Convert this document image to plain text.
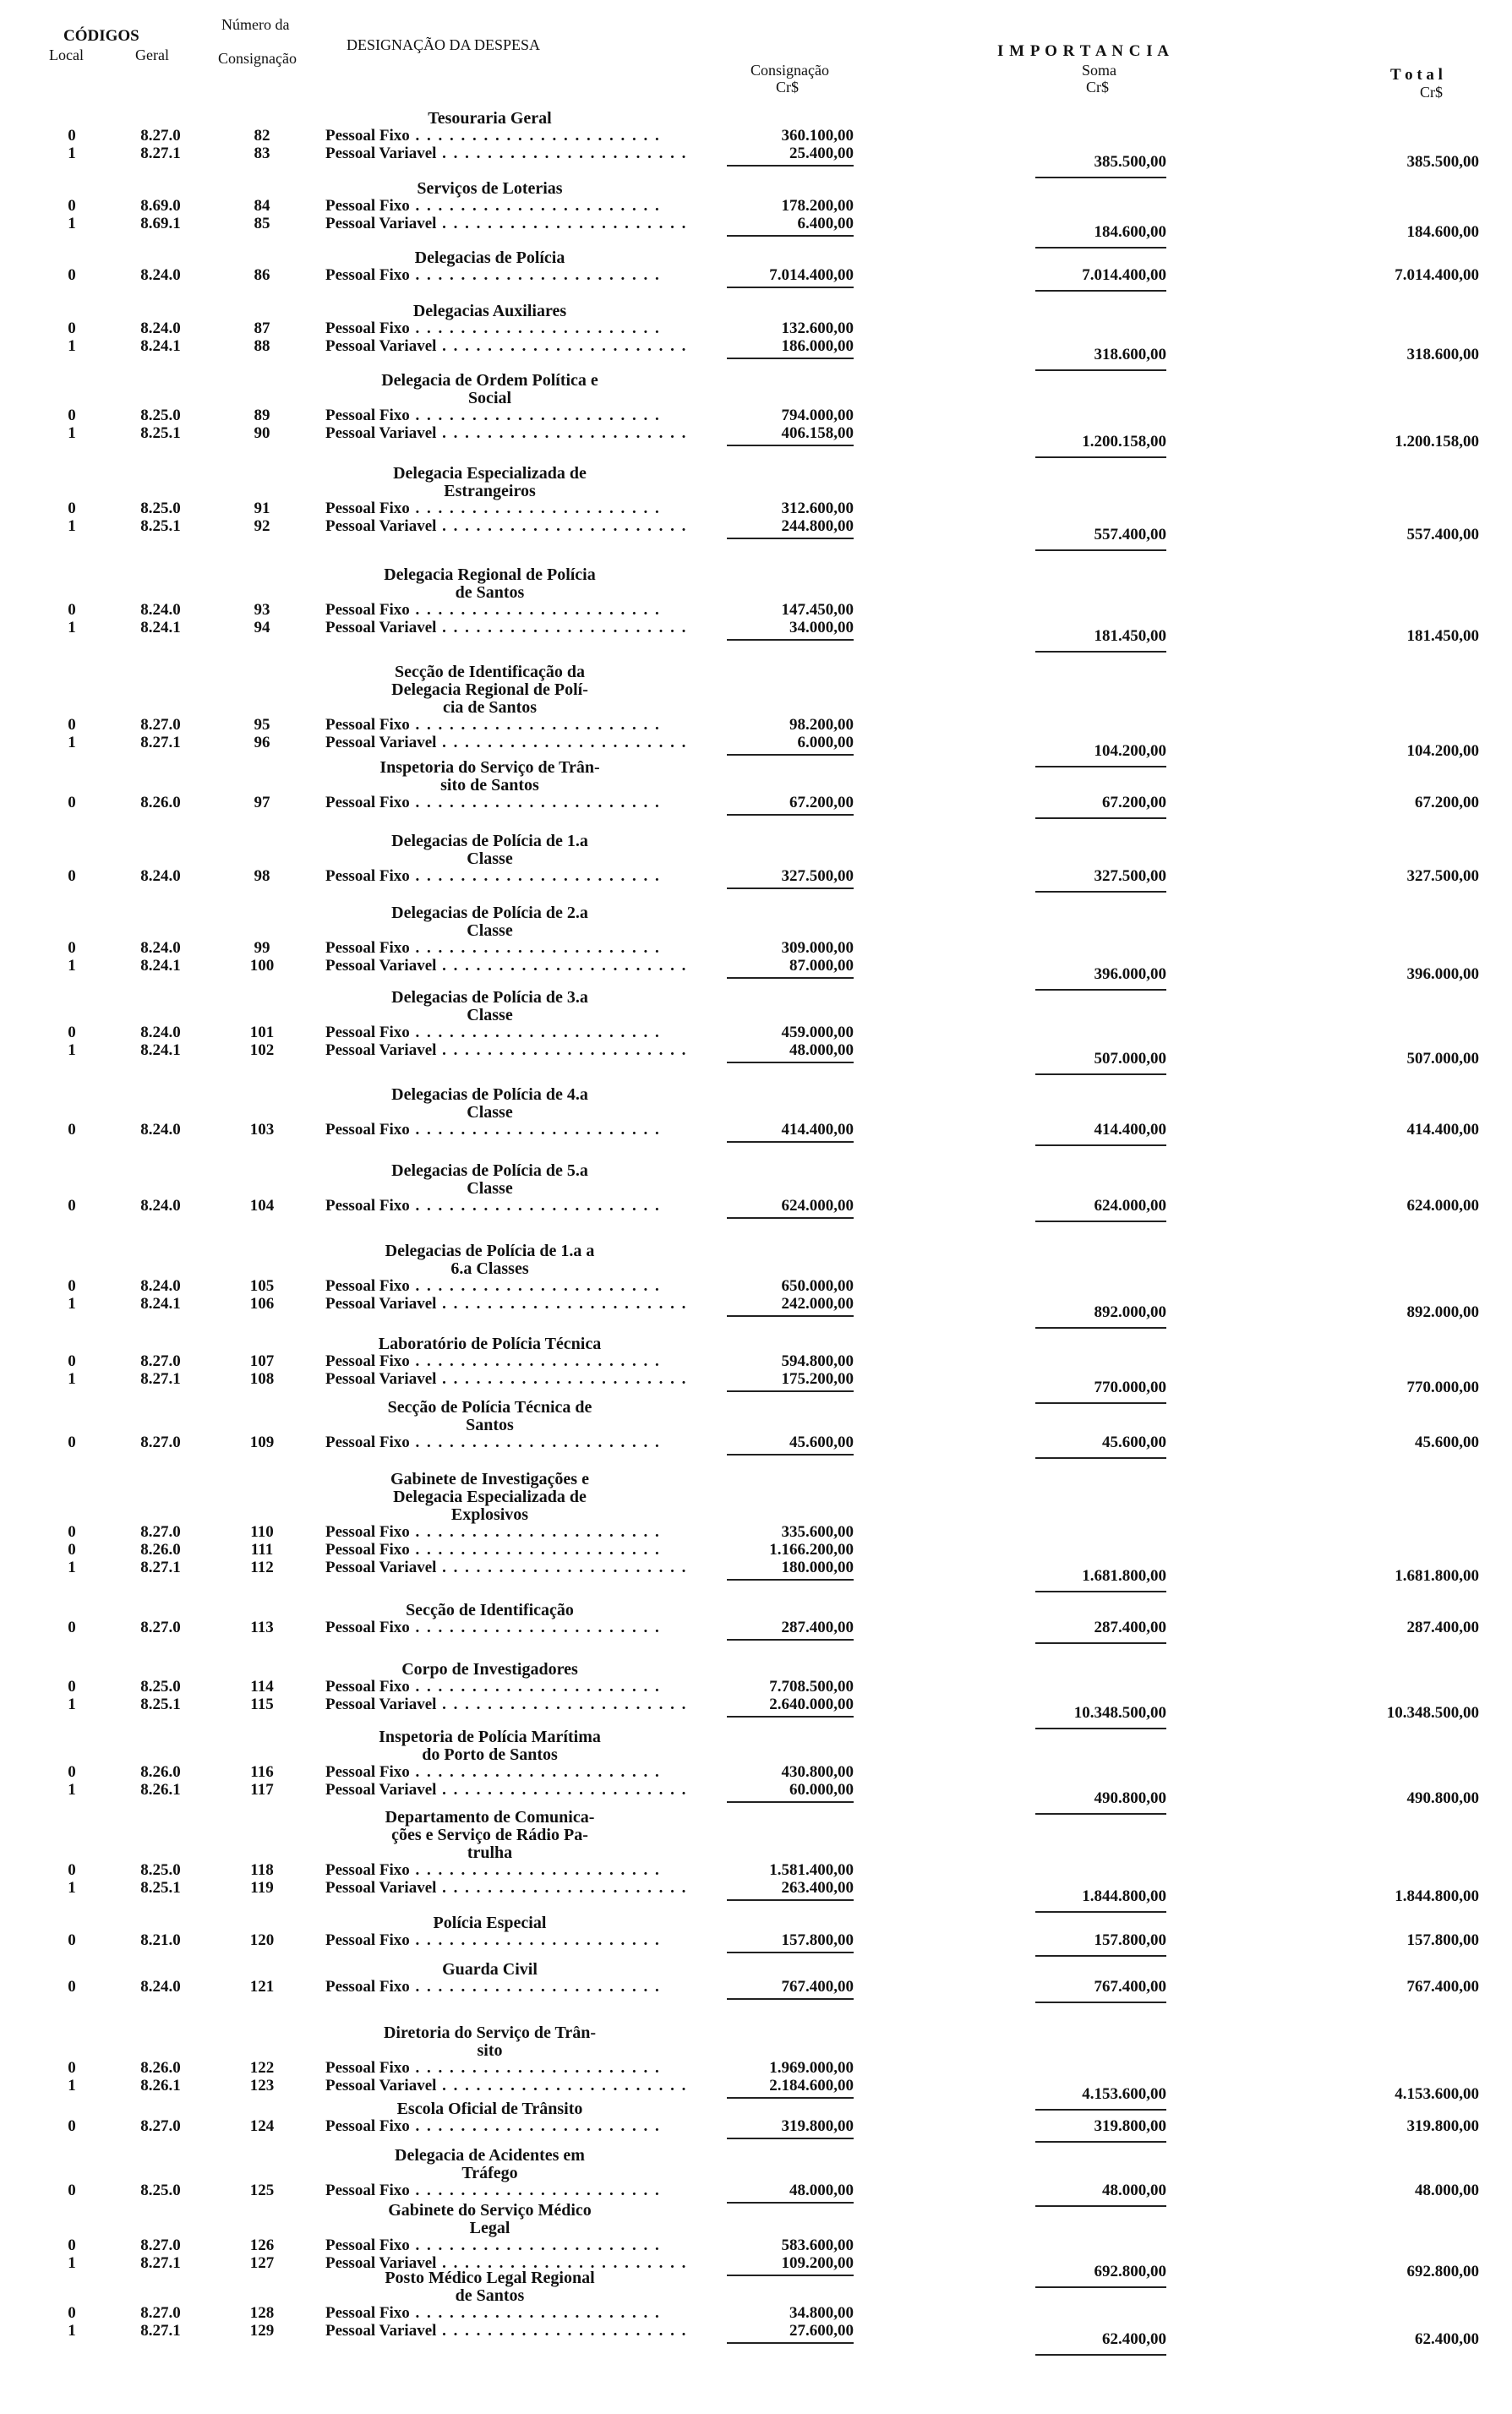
CÓDIGOS
Local	Geral
Número da
Consignação
DESIGNAÇÃO DA DESPESA	I M P O R T A N C I A
Consignação
Cr$
Soma
Cr$
T o t a l
Cr$
Tesouraria Geral
0	8.27.0	82	Pessoal Fixo . . . . . . . . . . . . . . . . . . . . . .	360.100,00
1	8.27.1	83	Pessoal Variavel . . . . . . . . . . . . . . . . . . . . . .	25.400,00	385.500,00	385.500,00
Serviços de Loterias
0	8.69.0	84	Pessoal Fixo . . . . . . . . . . . . . . . . . . . . . .	178.200,00
1	8.69.1	85	Pessoal Variavel . . . . . . . . . . . . . . . . . . . . . .	6.400,00	184.600,00	184.600,00
Delegacias de Polícia
0	8.24.0	86	Pessoal Fixo . . . . . . . . . . . . . . . . . . . . . .	7.014.400,00	7.014.400,00	7.014.400,00
Delegacias Auxiliares
0	8.24.0	87	Pessoal Fixo . . . . . . . . . . . . . . . . . . . . . .	132.600,00
1	8.24.1	88	Pessoal Variavel . . . . . . . . . . . . . . . . . . . . . .	186.000,00	318.600,00	318.600,00
Delegacia de Ordem Política e
Social
0	8.25.0	89	Pessoal Fixo . . . . . . . . . . . . . . . . . . . . . .	794.000,00
1	8.25.1	90	Pessoal Variavel . . . . . . . . . . . . . . . . . . . . . .	406.158,00	1.200.158,00	1.200.158,00
Delegacia Especializada de
Estrangeiros
0	8.25.0	91	Pessoal Fixo . . . . . . . . . . . . . . . . . . . . . .	312.600,00
1	8.25.1	92	Pessoal Variavel . . . . . . . . . . . . . . . . . . . . . .	244.800,00	557.400,00	557.400,00
Delegacia Regional de Polícia
de Santos
0	8.24.0	93	Pessoal Fixo . . . . . . . . . . . . . . . . . . . . . .	147.450,00
1	8.24.1	94	Pessoal Variavel . . . . . . . . . . . . . . . . . . . . . .	34.000,00	181.450,00	181.450,00
Secção de Identificação da
Delegacia Regional de Polí-
cia de Santos
0	8.27.0	95	Pessoal Fixo . . . . . . . . . . . . . . . . . . . . . .	98.200,00
1	8.27.1	96	Pessoal Variavel . . . . . . . . . . . . . . . . . . . . . .	6.000,00	104.200,00	104.200,00
Inspetoria do Serviço de Trân-
sito de Santos
0	8.26.0	97	Pessoal Fixo . . . . . . . . . . . . . . . . . . . . . .	67.200,00	67.200,00	67.200,00
Delegacias de Polícia de 1.a
Classe
0	8.24.0	98	Pessoal Fixo . . . . . . . . . . . . . . . . . . . . . .	327.500,00	327.500,00	327.500,00
Delegacias de Polícia de 2.a
Classe
0	8.24.0	99	Pessoal Fixo . . . . . . . . . . . . . . . . . . . . . .	309.000,00
1	8.24.1	100	Pessoal Variavel . . . . . . . . . . . . . . . . . . . . . .	87.000,00	396.000,00	396.000,00
Delegacias de Polícia de 3.a
Classe
0	8.24.0	101	Pessoal Fixo . . . . . . . . . . . . . . . . . . . . . .	459.000,00
1	8.24.1	102	Pessoal Variavel . . . . . . . . . . . . . . . . . . . . . .	48.000,00	507.000,00	507.000,00
Delegacias de Polícia de 4.a
Classe
0	8.24.0	103	Pessoal Fixo . . . . . . . . . . . . . . . . . . . . . .	414.400,00	414.400,00	414.400,00
Delegacias de Polícia de 5.a
Classe
0	8.24.0	104	Pessoal Fixo . . . . . . . . . . . . . . . . . . . . . .	624.000,00	624.000,00	624.000,00
Delegacias de Polícia de 1.a a
6.a Classes
0	8.24.0	105	Pessoal Fixo . . . . . . . . . . . . . . . . . . . . . .	650.000,00
1	8.24.1	106	Pessoal Variavel . . . . . . . . . . . . . . . . . . . . . .	242.000,00	892.000,00	892.000,00
Laboratório de Polícia Técnica
0	8.27.0	107	Pessoal Fixo . . . . . . . . . . . . . . . . . . . . . .	594.800,00
1	8.27.1	108	Pessoal Variavel . . . . . . . . . . . . . . . . . . . . . .	175.200,00	770.000,00	770.000,00
Secção de Polícia Técnica de
Santos
0	8.27.0	109	Pessoal Fixo . . . . . . . . . . . . . . . . . . . . . .	45.600,00	45.600,00	45.600,00
Gabinete de Investigações e
Delegacia Especializada de
Explosivos
0	8.27.0	110	Pessoal Fixo . . . . . . . . . . . . . . . . . . . . . .	335.600,00
0	8.26.0	111	Pessoal Fixo . . . . . . . . . . . . . . . . . . . . . .	1.166.200,00
1	8.27.1	112	Pessoal Variavel . . . . . . . . . . . . . . . . . . . . . .	180.000,00	1.681.800,00	1.681.800,00
Secção de Identificação
0	8.27.0	113	Pessoal Fixo . . . . . . . . . . . . . . . . . . . . . .	287.400,00	287.400,00	287.400,00
Corpo de Investigadores
0	8.25.0	114	Pessoal Fixo . . . . . . . . . . . . . . . . . . . . . .	7.708.500,00
1	8.25.1	115	Pessoal Variavel . . . . . . . . . . . . . . . . . . . . . .	2.640.000,00	10.348.500,00	10.348.500,00
Inspetoria de Polícia Marítima
do Porto de Santos
0	8.26.0	116	Pessoal Fixo . . . . . . . . . . . . . . . . . . . . . .	430.800,00
1	8.26.1	117	Pessoal Variavel . . . . . . . . . . . . . . . . . . . . . .	60.000,00	490.800,00	490.800,00
Departamento de Comunica-
ções e Serviço de Rádio Pa-
trulha
0	8.25.0	118	Pessoal Fixo . . . . . . . . . . . . . . . . . . . . . .	1.581.400,00
1	8.25.1	119	Pessoal Variavel . . . . . . . . . . . . . . . . . . . . . .	263.400,00	1.844.800,00	1.844.800,00
Polícia Especial
0	8.21.0	120	Pessoal Fixo . . . . . . . . . . . . . . . . . . . . . .	157.800,00	157.800,00	157.800,00
Guarda Civil
0	8.24.0	121	Pessoal Fixo . . . . . . . . . . . . . . . . . . . . . .	767.400,00	767.400,00	767.400,00
Diretoria do Serviço de Trân-
sito
0	8.26.0	122	Pessoal Fixo . . . . . . . . . . . . . . . . . . . . . .	1.969.000,00
1	8.26.1	123	Pessoal Variavel . . . . . . . . . . . . . . . . . . . . . .	2.184.600,00	4.153.600,00	4.153.600,00
Escola Oficial de Trânsito
0	8.27.0	124	Pessoal Fixo . . . . . . . . . . . . . . . . . . . . . .	319.800,00	319.800,00	319.800,00
Delegacia de Acidentes em
Tráfego
0	8.25.0	125	Pessoal Fixo . . . . . . . . . . . . . . . . . . . . . .	48.000,00	48.000,00	48.000,00
Gabinete do Serviço Médico
Legal
0	8.27.0	126	Pessoal Fixo . . . . . . . . . . . . . . . . . . . . . .	583.600,00
1	8.27.1	127	Pessoal Variavel . . . . . . . . . . . . . . . . . . . . . .	109.200,00	692.800,00	692.800,00
Posto Médico Legal Regional
de Santos
0	8.27.0	128	Pessoal Fixo . . . . . . . . . . . . . . . . . . . . . .	34.800,00
1	8.27.1	129	Pessoal Variavel . . . . . . . . . . . . . . . . . . . . . .	27.600,00	62.400,00	62.400,00
